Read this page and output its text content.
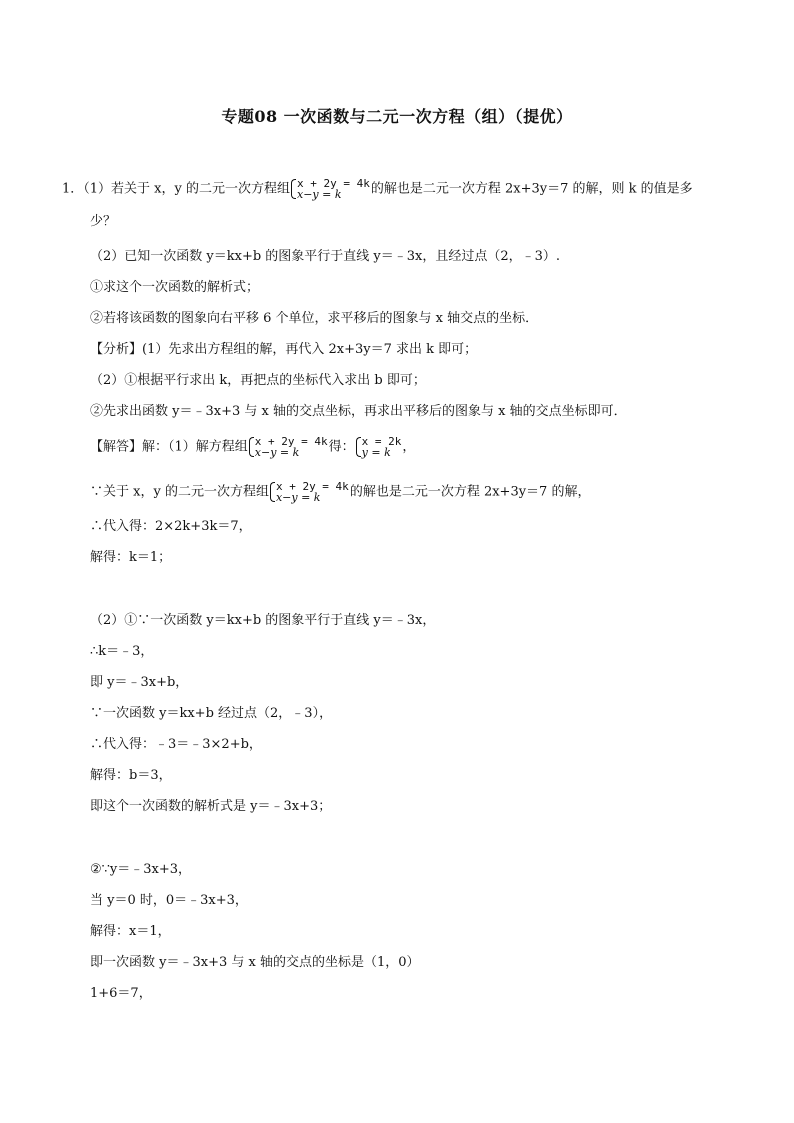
专题08 一次函数与二元一次方程（组）（提优）
1．（1）若关于 x，y 的二元一次方程组 x + 2y = 4k
x−y = k	的解也是二元一次方程 2x+3y＝7 的解，则 k 的值是多
少？
（2）已知一次函数 y＝kx+b 的图象平行于直线 y＝﹣3x，且经过点（2，﹣3）.
①求这个一次函数的解析式；
②若将该函数的图象向右平移 6 个单位，求平移后的图象与 x 轴交点的坐标．
【分析】(1）先求出方程组的解，再代入 2x+3y＝7 求出 k 即可；
（2）①根据平行求出 k，再把点的坐标代入求出 b 即可；
②先求出函数 y＝﹣3x+3 与 x 轴的交点坐标，再求出平移后的图象与 x 轴的交点坐标即可．
【解答】解：（1）解方程组 x + 2y = 4k
x−y = k	得： x = 2k
y = k ，
∵关于 x，y 的二元一次方程组 x + 2y = 4k
x−y = k	的解也是二元一次方程 2x+3y＝7 的解，
∴代入得：2×2k+3k＝7，
解得：k＝1；
（2）①∵一次函数 y＝kx+b 的图象平行于直线 y＝﹣3x，
∴k＝﹣3，
即 y＝﹣3x+b，
∵一次函数 y＝kx+b 经过点（2，﹣3），
∴代入得：﹣3＝﹣3×2+b，
解得：b＝3，
即这个一次函数的解析式是 y＝﹣3x+3；
②∵y＝﹣3x+3，
当 y＝0 时，0＝﹣3x+3，
解得：x＝1，
即一次函数 y＝﹣3x+3 与 x 轴的交点的坐标是（1，0）
1+6＝7，
